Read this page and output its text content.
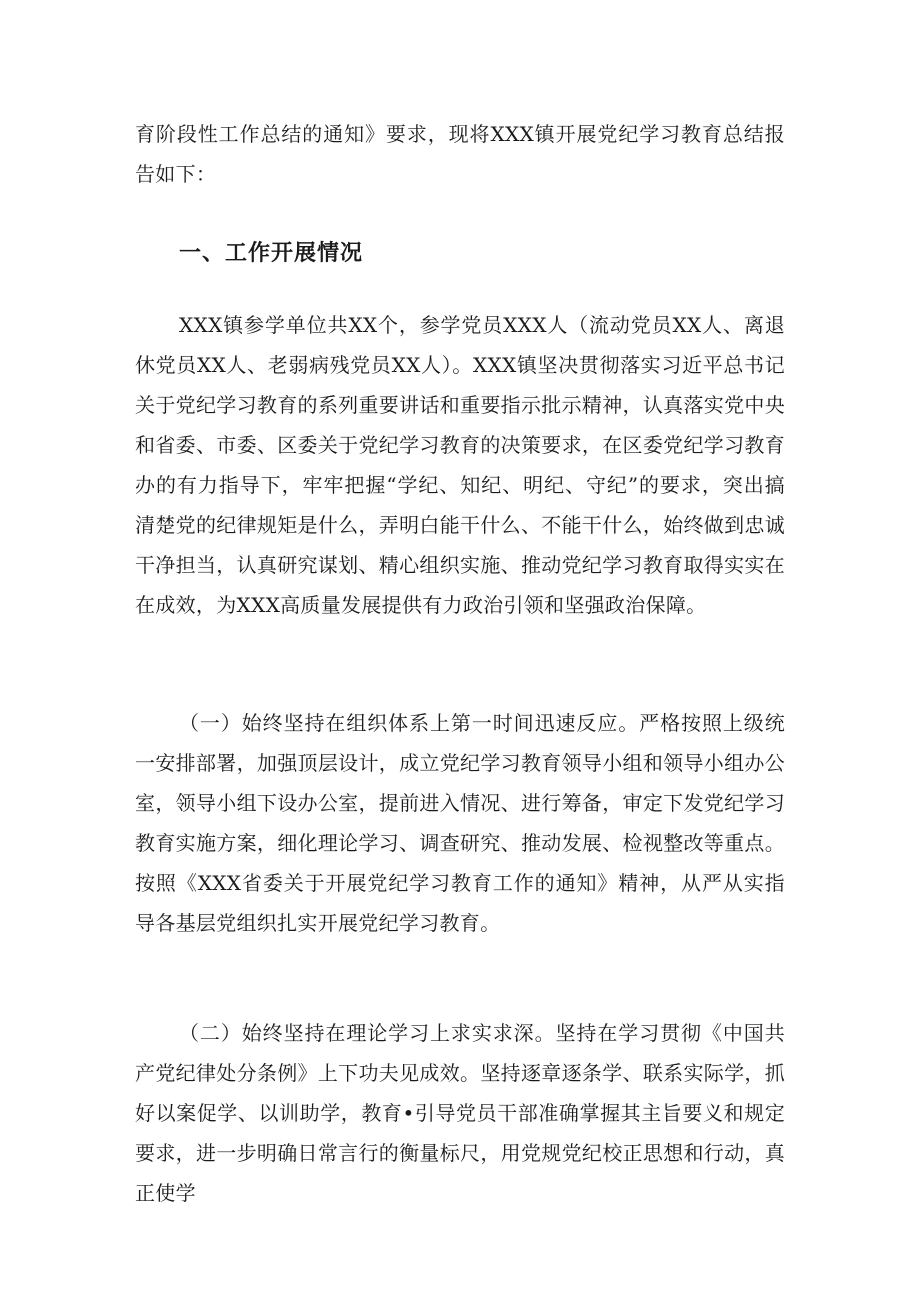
育阶段性工作总结的通知》要求，现将XXX镇开展党纪学习教育总结报告如下：

一、工作开展情况

XXX镇参学单位共XX个，参学党员XXX人（流动党员XX人、离退休党员XX人、老弱病残党员XX人）。XXX镇坚决贯彻落实习近平总书记关于党纪学习教育的系列重要讲话和重要指示批示精神，认真落实党中央和省委、市委、区委关于党纪学习教育的决策要求，在区委党纪学习教育办的有力指导下，牢牢把握“学纪、知纪、明纪、守纪”的要求，突出搞清楚党的纪律规矩是什么，弄明白能干什么、不能干什么，始终做到忠诚干净担当，认真研究谋划、精心组织实施、推动党纪学习教育取得实实在在成效，为XXX高质量发展提供有力政治引领和坚强政治保障。

（一）始终坚持在组织体系上第一时间迅速反应。严格按照上级统一安排部署，加强顶层设计，成立党纪学习教育领导小组和领导小组办公室，领导小组下设办公室，提前进入情况、进行筹备，审定下发党纪学习教育实施方案，细化理论学习、调查研究、推动发展、检视整改等重点。按照《XXX省委关于开展党纪学习教育工作的通知》精神，从严从实指导各基层党组织扎实开展党纪学习教育。

（二）始终坚持在理论学习上求实求深。坚持在学习贯彻《中国共产党纪律处分条例》上下功夫见成效。坚持逐章逐条学、联系实际学，抓好以案促学、以训助学，教育•引导党员干部准确掌握其主旨要义和规定要求，进一步明确日常言行的衡量标尺，用党规党纪校正思想和行动，真正使学
